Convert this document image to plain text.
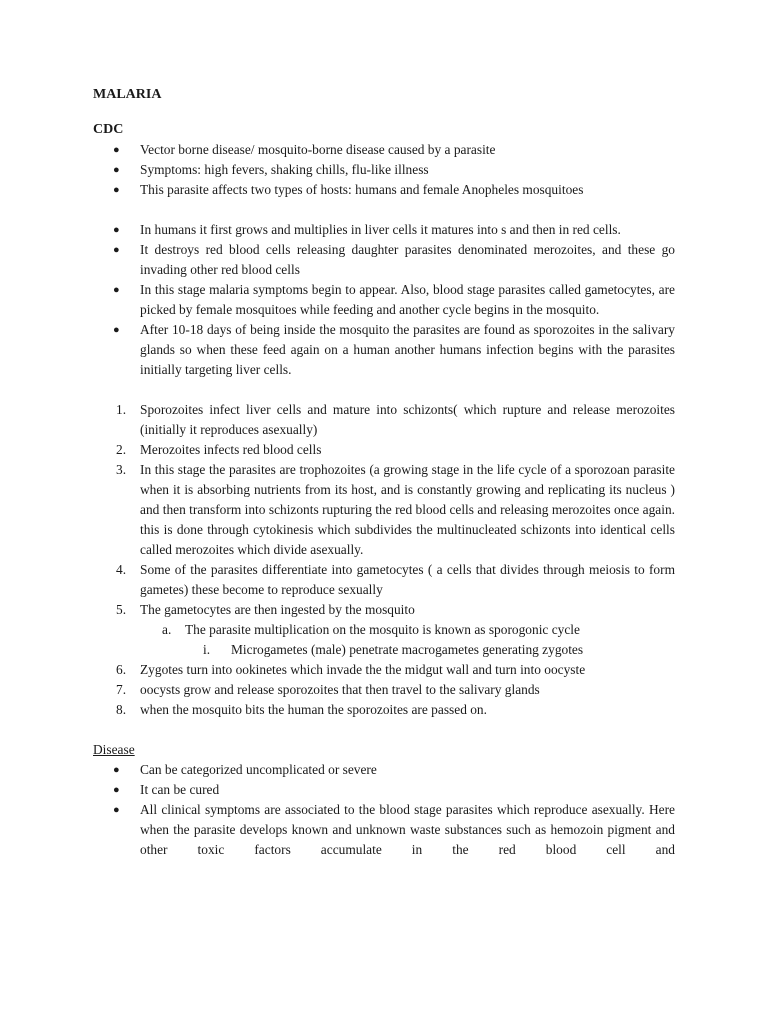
MALARIA

CDC

● Vector borne disease/ mosquito-borne disease caused by a parasite
● Symptoms: high fevers, shaking chills, flu-like illness
● This parasite affects two types of hosts: humans and female Anopheles mosquitoes
● In humans it first grows and multiplies in liver cells it matures into s and then in red cells.
● It destroys red blood cells releasing daughter parasites denominated merozoites, and these go invading other red blood cells
● In this stage malaria symptoms begin to appear. Also, blood stage parasites called gametocytes, are picked by female mosquitoes while feeding and another cycle begins in the mosquito.
● After 10-18 days of being inside the mosquito the parasites are found as sporozoites in the salivary glands so when these feed again on a human another humans infection begins with the parasites initially targeting liver cells.
1. Sporozoites infect liver cells and mature into schizonts( which rupture and release merozoites (initially it reproduces asexually)
2. Merozoites infects red blood cells
3. In this stage the parasites are trophozoites (a growing stage in the life cycle of a sporozoan parasite when it is absorbing nutrients from its host, and is constantly growing and replicating its nucleus ) and then transform into schizonts rupturing the red blood cells and releasing merozoites once again. this is done through cytokinesis which subdivides the multinucleated schizonts into identical cells called merozoites which divide asexually.
4. Some of the parasites differentiate into gametocytes ( a cells that divides through meiosis to form gametes) these become to reproduce sexually
5. The gametocytes are then ingested by the mosquito
a. The parasite multiplication on the mosquito is known as sporogonic cycle
i. Microgametes (male) penetrate macrogametes generating zygotes
6. Zygotes turn into ookinetes which invade the the midgut wall and turn into oocyste
7. oocysts grow and release sporozoites that then travel to the salivary glands
8. when the mosquito bits the human the sporozoites are passed on.

Disease

● Can be categorized uncomplicated or severe
● It can be cured
● All clinical symptoms are associated to the blood stage parasites which reproduce asexually. Here when the parasite develops known and unknown waste substances such as hemozoin pigment and other toxic factors accumulate in the red blood cell and
